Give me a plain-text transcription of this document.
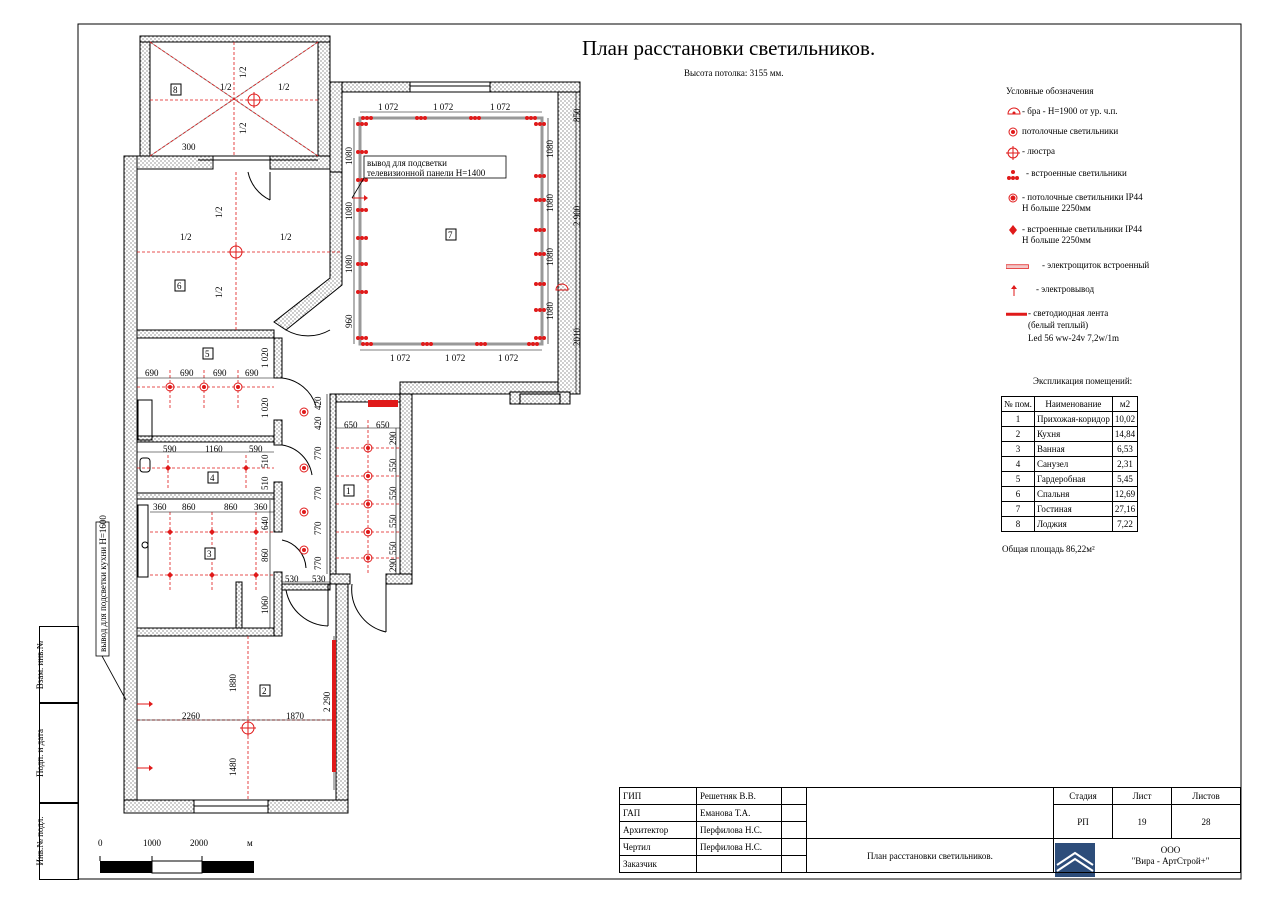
8
6
7
5
4
3
1
2
1 072	1 072	1 072
1 072	1 072	1 072
1080
1080
1080
960
1080
1080
1080
1080
850
2 900
2010
1/2	1/2
1/2
1/2
300
1/2	1/2
1/2
1/2
690 690 690 690
1 020
1 020
650 650
420
420
770
770
770
770
290
550
550
550
550
290
590	1160	590
510
510
360 860	860 360
640
860
1060
530 530
2260	1870
1880
1480
2 290
вывод для подсветки
телевизионной панели H=1400
вывод для подсветки кухни H=1600
0	1000	2000	м
План расстановки светильников.
Высота потолка: 3155 мм.
Условные обозначения
- бра - H=1900 от ур. ч.п.
потолочные светильники
- люстра
- встроенные светильники
- потолочные светильники IP44
H больше 2250мм
- встроенные светильники IP44
H больше 2250мм
- электрощиток встроенный
- электровывод
- светодиодная лента
(белый теплый)
Led 56 ww-24v 7,2w/1m
Экспликация помещений:
№ пом.	Наименование	м2
1	Прихожая-коридор	10,02
2	Кухня	14,84
3	Ванная	6,53
4	Санузел	2,31
5	Гардеробная	5,45
6	Спальня	12,69
7	Гостиная	27,16
8	Лоджия	7,22
Общая площадь 86,22м²
Взам. инв.№
Подп. и дата
Инв.№ подл.
ГИП	Решетняк В.В.			Стадия	Лист	Листов
ГАП	Еманова Т.А.			РП	19	28
Архитектор	Перфилова Н.С.					
Чертил	Перфилова Н.С.		План расстановки светильников.	ООО
"Вира - АртСтрой+"		

Заказчик						
